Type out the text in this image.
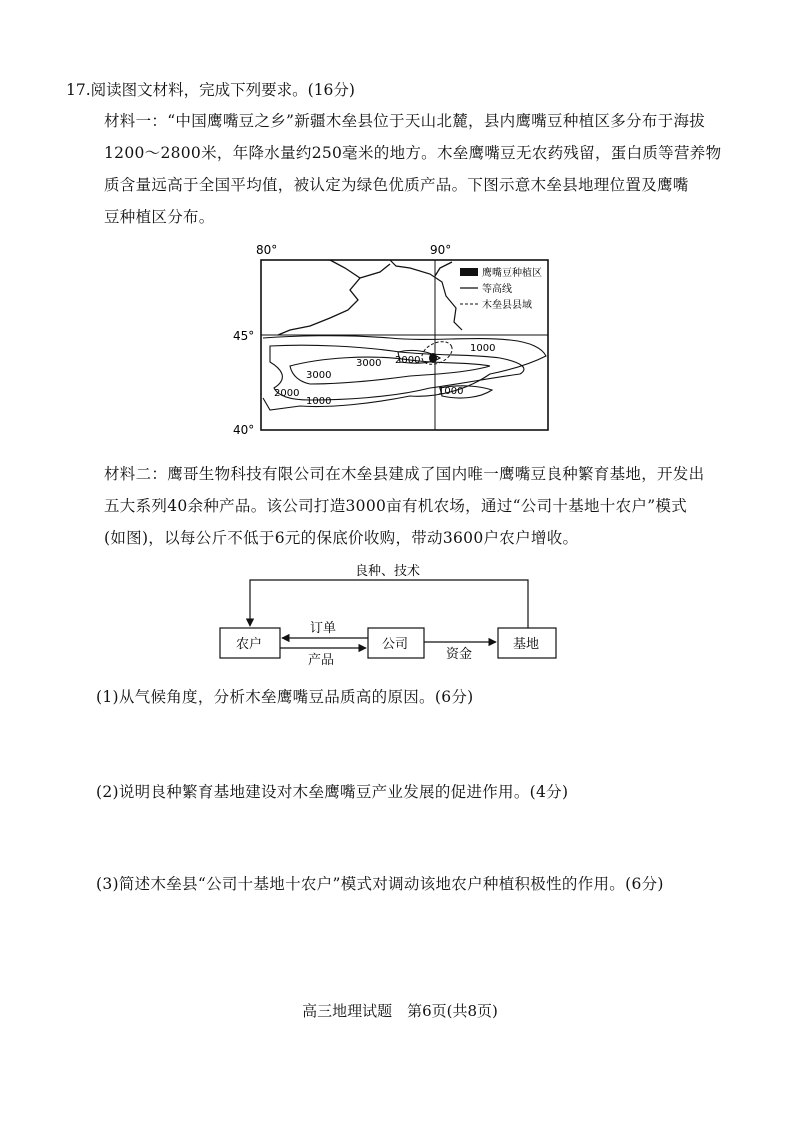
17.阅读图文材料，完成下列要求。(16分)
材料一：“中国鹰嘴豆之乡”新疆木垒县位于天山北麓，县内鹰嘴豆种植区多分布于海拔
1200～2800米，年降水量约250毫米的地方。木垒鹰嘴豆无农药残留，蛋白质等营养物
质含量远高于全国平均值，被认定为绿色优质产品。下图示意木垒县地理位置及鹰嘴
豆种植区分布。
80°	90°
45°
40°
3000 2000
1000
3000
2000
1000
1000
鹰嘴豆种植区
等高线
木垒县县域
材料二：鹰哥生物科技有限公司在木垒县建成了国内唯一鹰嘴豆良种繁育基地，开发出
五大系列40余种产品。该公司打造3000亩有机农场，通过“公司十基地十农户”模式
(如图)，以每公斤不低于6元的保底价收购，带动3600户农户增收。
良种、技术
农户	公司	基地
订单
产品	资金
(1)从气候角度，分析木垒鹰嘴豆品质高的原因。(6分)
(2)说明良种繁育基地建设对木垒鹰嘴豆产业发展的促进作用。(4分)
(3)简述木垒县“公司十基地十农户”模式对调动该地农户种植积极性的作用。(6分)
高三地理试题　第6页(共8页)
